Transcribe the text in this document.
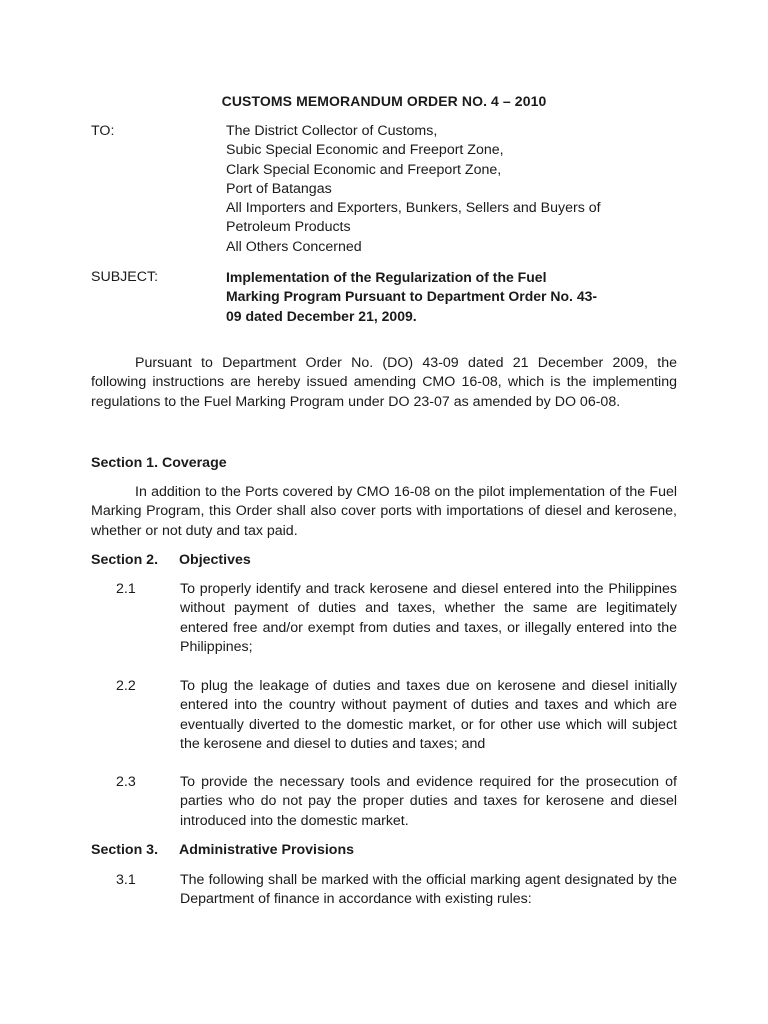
CUSTOMS MEMORANDUM ORDER NO. 4 – 2010
TO:	The District Collector of Customs,
Subic Special Economic and Freeport Zone,
Clark Special Economic and Freeport Zone,
Port of Batangas
All Importers and Exporters, Bunkers, Sellers and Buyers of
Petroleum Products
All Others Concerned
SUBJECT:	Implementation of the Regularization of the Fuel
Marking Program Pursuant to Department Order No. 43-
09 dated December 21, 2009.
Pursuant to Department Order No. (DO) 43-09 dated 21 December 2009, the following instructions are hereby issued amending CMO 16-08, which is the implementing regulations to the Fuel Marking Program under DO 23-07 as amended by DO 06-08.
Section 1. Coverage
In addition to the Ports covered by CMO 16-08 on the pilot implementation of the Fuel Marking Program, this Order shall also cover ports with importations of diesel and kerosene, whether or not duty and tax paid.
Section 2. Objectives
2.1	To properly identify and track kerosene and diesel entered into the Philippines without payment of duties and taxes, whether the same are legitimately entered free and/or exempt from duties and taxes, or illegally entered into the Philippines;
2.2	To plug the leakage of duties and taxes due on kerosene and diesel initially entered into the country without payment of duties and taxes and which are eventually diverted to the domestic market, or for other use which will subject the kerosene and diesel to duties and taxes; and
2.3	To provide the necessary tools and evidence required for the prosecution of parties who do not pay the proper duties and taxes for kerosene and diesel introduced into the domestic market.
Section 3. Administrative Provisions
3.1	The following shall be marked with the official marking agent designated by the Department of finance in accordance with existing rules:
